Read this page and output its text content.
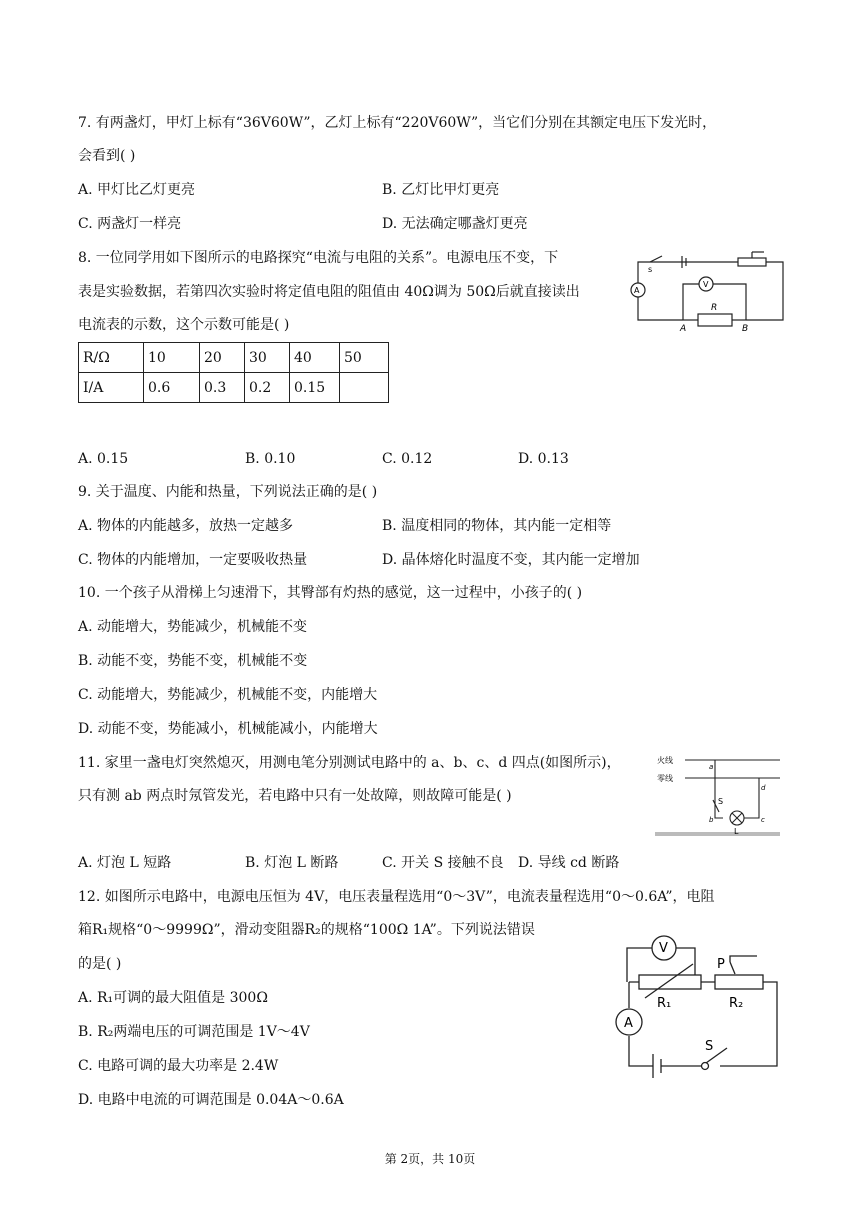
7. 有两盏灯，甲灯上标有“36V60W”，乙灯上标有“220V60W”，当它们分别在其额定电压下发光时，
会看到( )
A. 甲灯比乙灯更亮	B. 乙灯比甲灯更亮
C. 两盏灯一样亮	D. 无法确定哪盏灯更亮
8. 一位同学用如下图所示的电路探究“电流与电阻的关系”。电源电压不变，下
表是实验数据，若第四次实验时将定值电阻的阻值由 40Ω调为 50Ω后就直接读出
电流表的示数，这个示数可能是( )
s
A
V
R
A	B
R/Ω	10	20	30	40	50
I/A	0.6	0.3	0.2	0.15	
A. 0.15	B. 0.10	C. 0.12	D. 0.13
9. 关于温度、内能和热量，下列说法正确的是( )
A. 物体的内能越多，放热一定越多	B. 温度相同的物体，其内能一定相等
C. 物体的内能增加，一定要吸收热量	D. 晶体熔化时温度不变，其内能一定增加
10. 一个孩子从滑梯上匀速滑下，其臀部有灼热的感觉，这一过程中，小孩子的( )
A. 动能增大，势能减少，机械能不变
B. 动能不变，势能不变，机械能不变
C. 动能增大，势能减少，机械能不变，内能增大
D. 动能不变，势能减小，机械能减小，内能增大
11. 家里一盏电灯突然熄灭，用测电笔分别测试电路中的 a、b、c、d 四点(如图所示)，
只有测 ab 两点时氖管发光，若电路中只有一处故障，则故障可能是( )
火线
零线
a
b	c
d
S
L
A. 灯泡 L 短路	B. 灯泡 L 断路	C. 开关 S 接触不良 D. 导线 cd 断路
12. 如图所示电路中，电源电压恒为 4V，电压表量程选用“0～3V”，电流表量程选用“0～0.6A”，电阻
箱R₁规格“0～9999Ω”，滑动变阻器R₂的规格“100Ω 1A”。下列说法错误
的是( )
V
A
P
R₁	R₂
S
A. R₁可调的最大阻值是 300Ω
B. R₂两端电压的可调范围是 1V～4V
C. 电路可调的最大功率是 2.4W
D. 电路中电流的可调范围是 0.04A～0.6A
第 2页，共 10页
